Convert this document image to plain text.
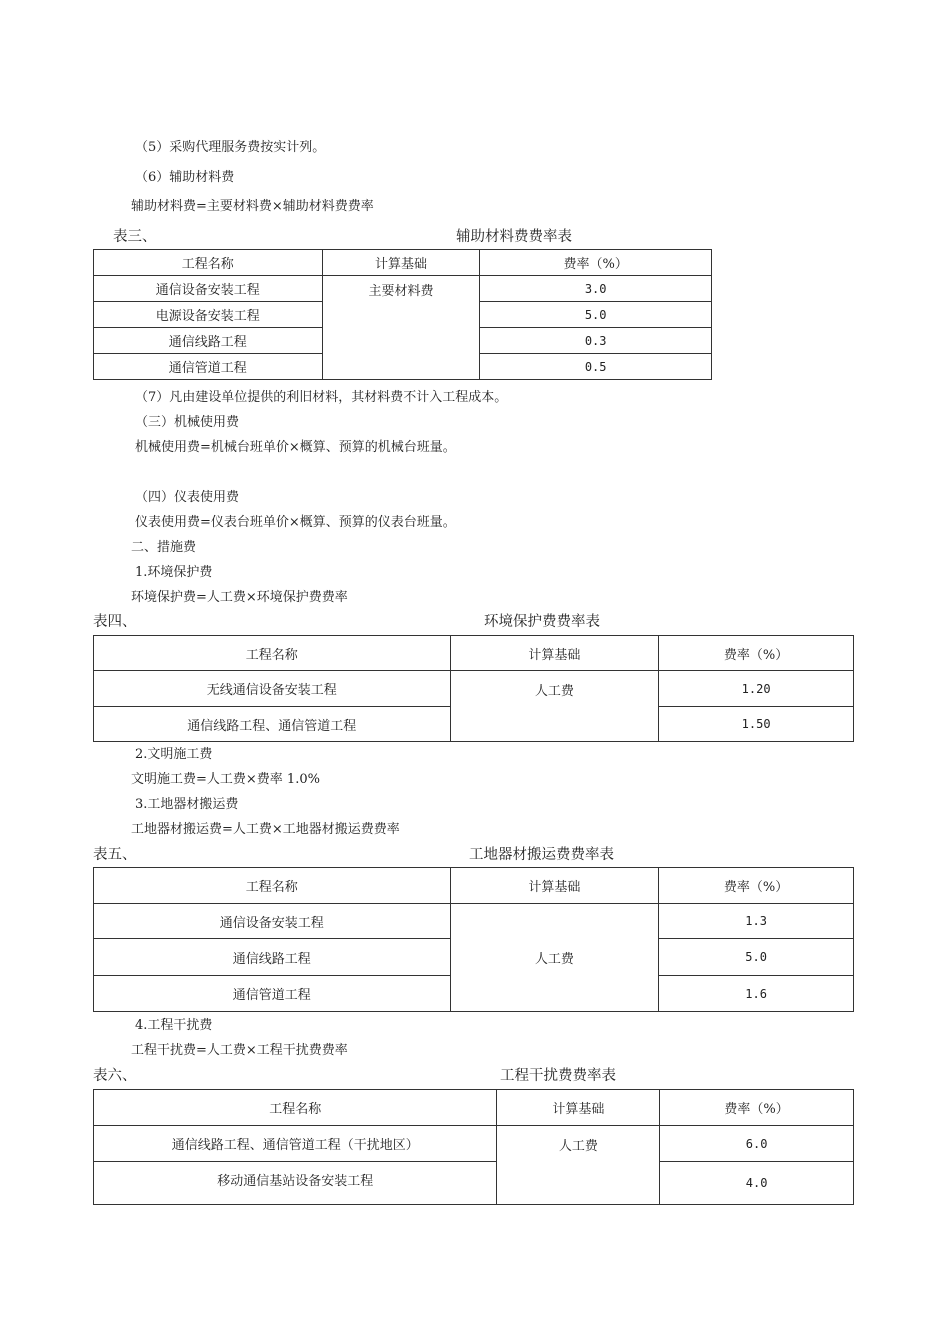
（5）采购代理服务费按实计列。
（6）辅助材料费
辅助材料费=主要材料费×辅助材料费费率
表三、	辅助材料费费率表
工程名称	计算基础	费率（%）
通信设备安装工程	主要材料费	3.0
电源设备安装工程		5.0
通信线路工程		0.3
通信管道工程		0.5
（7）凡由建设单位提供的利旧材料，其材料费不计入工程成本。
（三）机械使用费
机械使用费=机械台班单价×概算、预算的机械台班量。
（四）仪表使用费
仪表使用费=仪表台班单价×概算、预算的仪表台班量。
二、措施费
1.环境保护费
环境保护费=人工费×环境保护费费率
表四、	环境保护费费率表
工程名称	计算基础	费率（%）
无线通信设备安装工程	人工费	1.20
通信线路工程、通信管道工程		1.50
2.文明施工费
文明施工费=人工费×费率 1.0%
3.工地器材搬运费
工地器材搬运费=人工费×工地器材搬运费费率
表五、	工地器材搬运费费率表
工程名称	计算基础	费率（%）
通信设备安装工程	人工费	1.3
通信线路工程		5.0
通信管道工程		1.6
4.工程干扰费
工程干扰费=人工费×工程干扰费费率
表六、	工程干扰费费率表
工程名称	计算基础	费率（%）
通信线路工程、通信管道工程（干扰地区）	人工费	6.0
移动通信基站设备安装工程		4.0
